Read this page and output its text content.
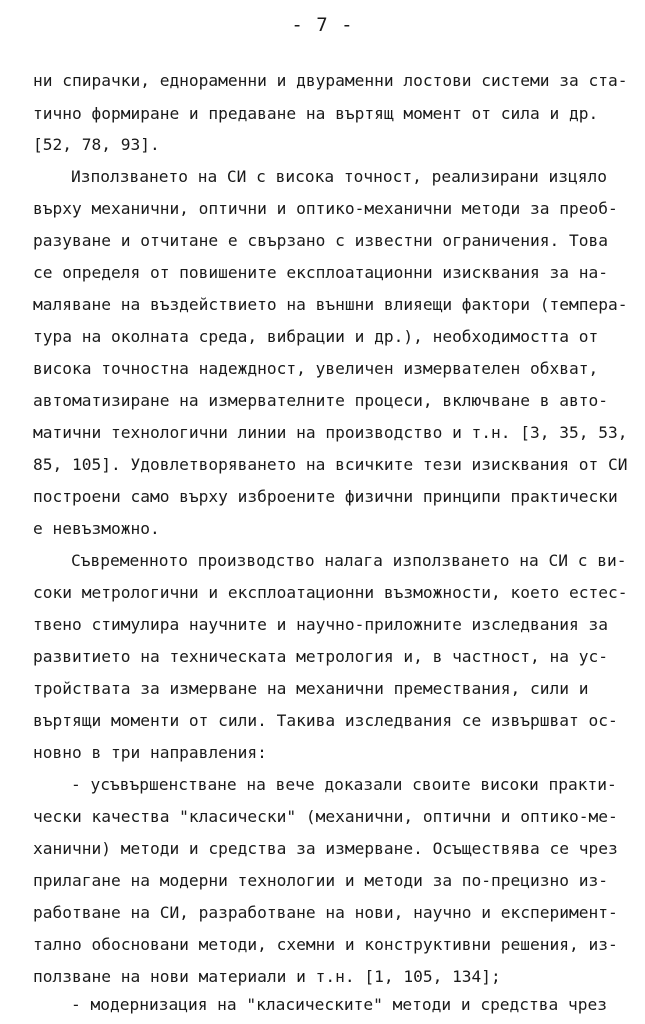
- 7 -
ни спирачки, еднораменни и двураменни лостови системи за ста-
тично формиране и предаване на въртящ момент от сила и др.
[52, 78, 93].
Използването на СИ с висока точност, реализирани изцяло
върху механични, оптични и оптико-механични методи за преоб-
разуване и отчитане е свързано с известни ограничения. Това
се определя от повишените експлоатационни изисквания за на-
маляване на въздействието на външни влияещи фактори (темпера-
тура на околната среда, вибрации и др.), необходимостта от
висока точностна надеждност, увеличен измервателен обхват,
автоматизиране на измервателните процеси, включване в авто-
матични технологични линии на производство и т.н. [3, 35, 53,
85, 105]. Удовлетворяването на всичките тези изисквания от СИ
построени само върху изброените физични принципи практически
е невъзможно.
Съвременното производство налага използването на СИ с ви-
соки метрологични и експлоатационни възможности, което естес-
твено стимулира научните и научно-приложните изследвания за
развитието на техническата метрология и, в частност, на ус-
тройствата за измерване на механични премествания, сили и
въртящи моменти от сили. Такива изследвания се извършват ос-
новно в три направления:
- усъвършенстване на вече доказали своите високи практи-
чески качества "класически" (механични, оптични и оптико-ме-
ханични) методи и средства за измерване. Осъществява се чрез
прилагане на модерни технологии и методи за по-прецизно из-
работване на СИ, разработване на нови, научно и експеримент-
тално обосновани методи, схемни и конструктивни решения, из-
ползване на нови материали и т.н. [1, 105, 134];
- модернизация на "класическите" методи и средства чрез
